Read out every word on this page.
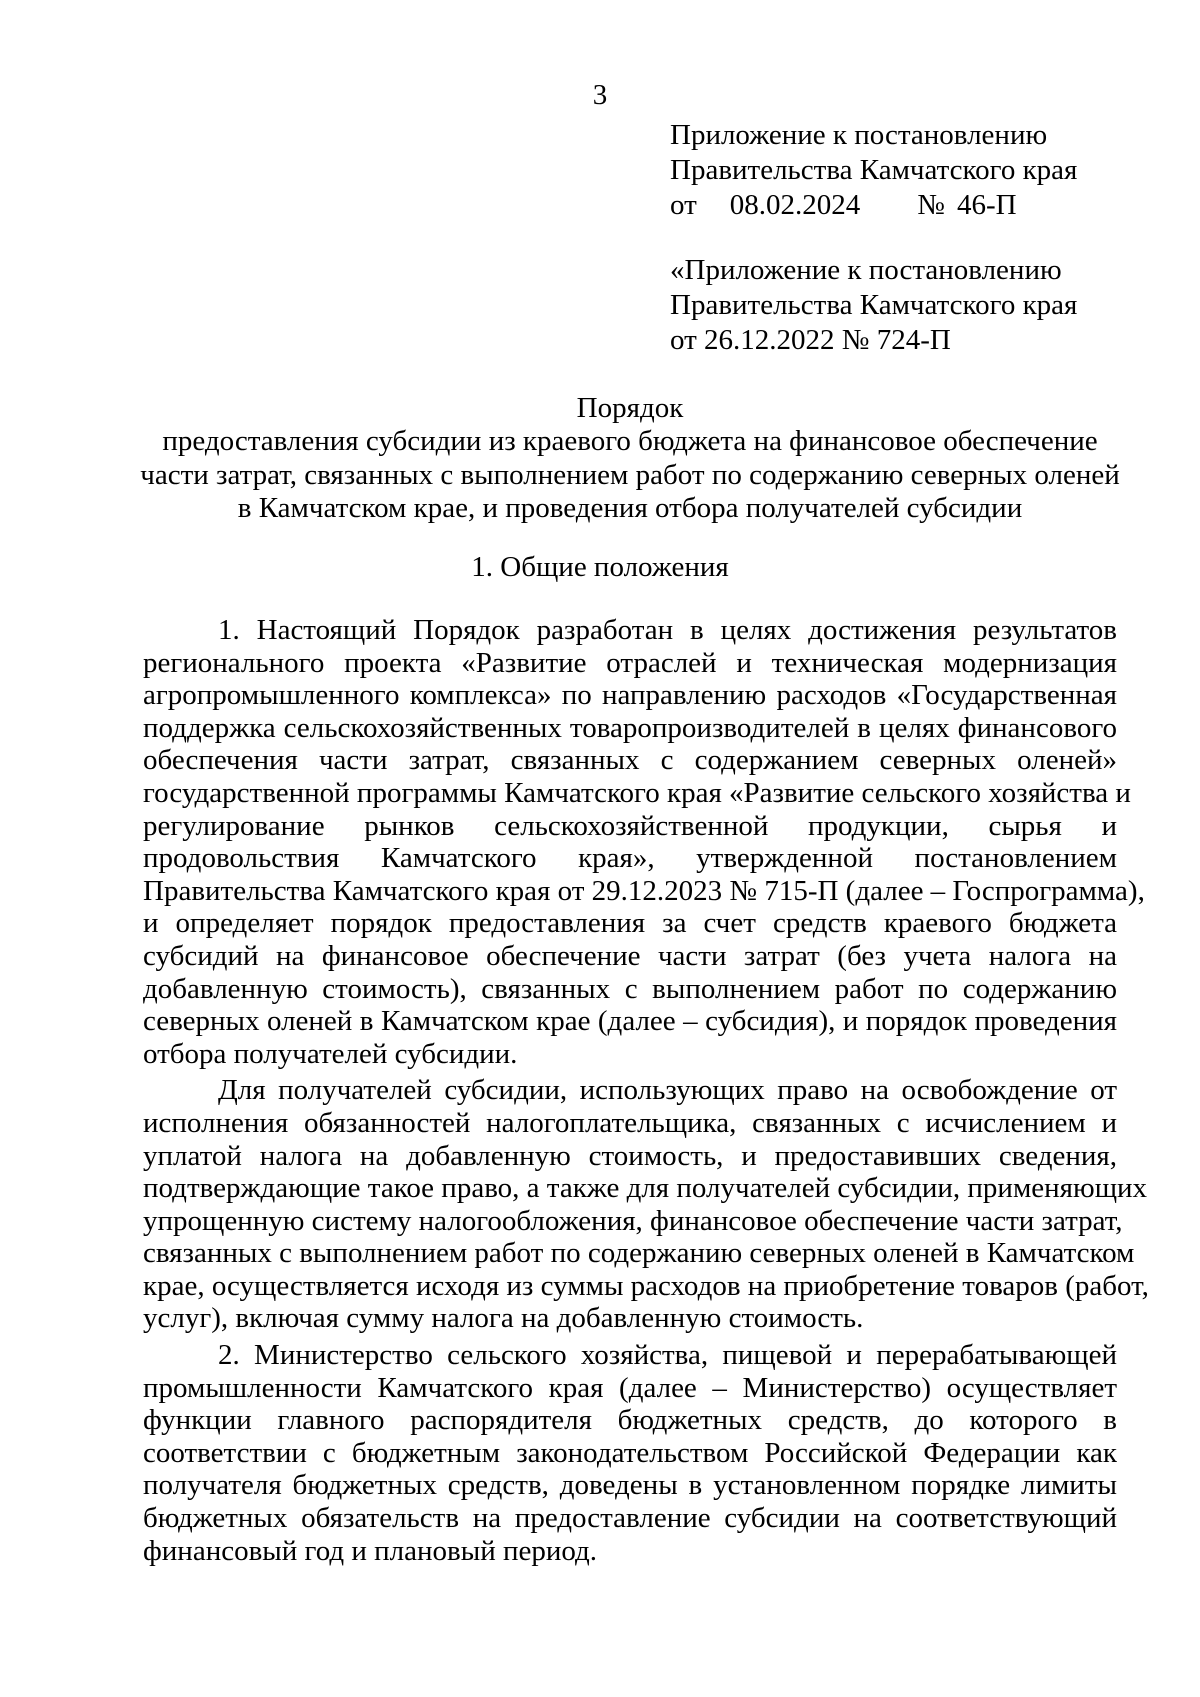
3
Приложение к постановлению
Правительства Камчатского края
от 08.02.2024 № 46-П
«Приложение к постановлению
Правительства Камчатского края
от 26.12.2022 № 724-П
Порядок
предоставления субсидии из краевого бюджета на финансовое обеспечение
части затрат, связанных с выполнением работ по содержанию северных оленей
в Камчатском крае, и проведения отбора получателей субсидии
1. Общие положения

1. Настоящий Порядок разработан в целях достижения результатов
регионального проекта «Развитие отраслей и техническая модернизация
агропромышленного комплекса» по направлению расходов «Государственная
поддержка сельскохозяйственных товаропроизводителей в целях финансового
обеспечения части затрат, связанных с содержанием северных оленей»
государственной программы Камчатского края «Развитие сельского хозяйства и
регулирование рынков сельскохозяйственной продукции, сырья и
продовольствия Камчатского края», утвержденной постановлением
Правительства Камчатского края от 29.12.2023 № 715-П (далее – Госпрограмма),
и определяет порядок предоставления за счет средств краевого бюджета
субсидий на финансовое обеспечение части затрат (без учета налога на
добавленную стоимость), связанных с выполнением работ по содержанию
северных оленей в Камчатском крае (далее – субсидия), и порядок проведения
отбора получателей субсидии.

Для получателей субсидии, использующих право на освобождение от
исполнения обязанностей налогоплательщика, связанных с исчислением и
уплатой налога на добавленную стоимость, и предоставивших сведения,
подтверждающие такое право, а также для получателей субсидии, применяющих
упрощенную систему налогообложения, финансовое обеспечение части затрат,
связанных с выполнением работ по содержанию северных оленей в Камчатском
крае, осуществляется исходя из суммы расходов на приобретение товаров (работ,
услуг), включая сумму налога на добавленную стоимость.

2. Министерство сельского хозяйства, пищевой и перерабатывающей
промышленности Камчатского края (далее – Министерство) осуществляет
функции главного распорядителя бюджетных средств, до которого в
соответствии с бюджетным законодательством Российской Федерации как
получателя бюджетных средств, доведены в установленном порядке лимиты
бюджетных обязательств на предоставление субсидии на соответствующий
финансовый год и плановый период.
